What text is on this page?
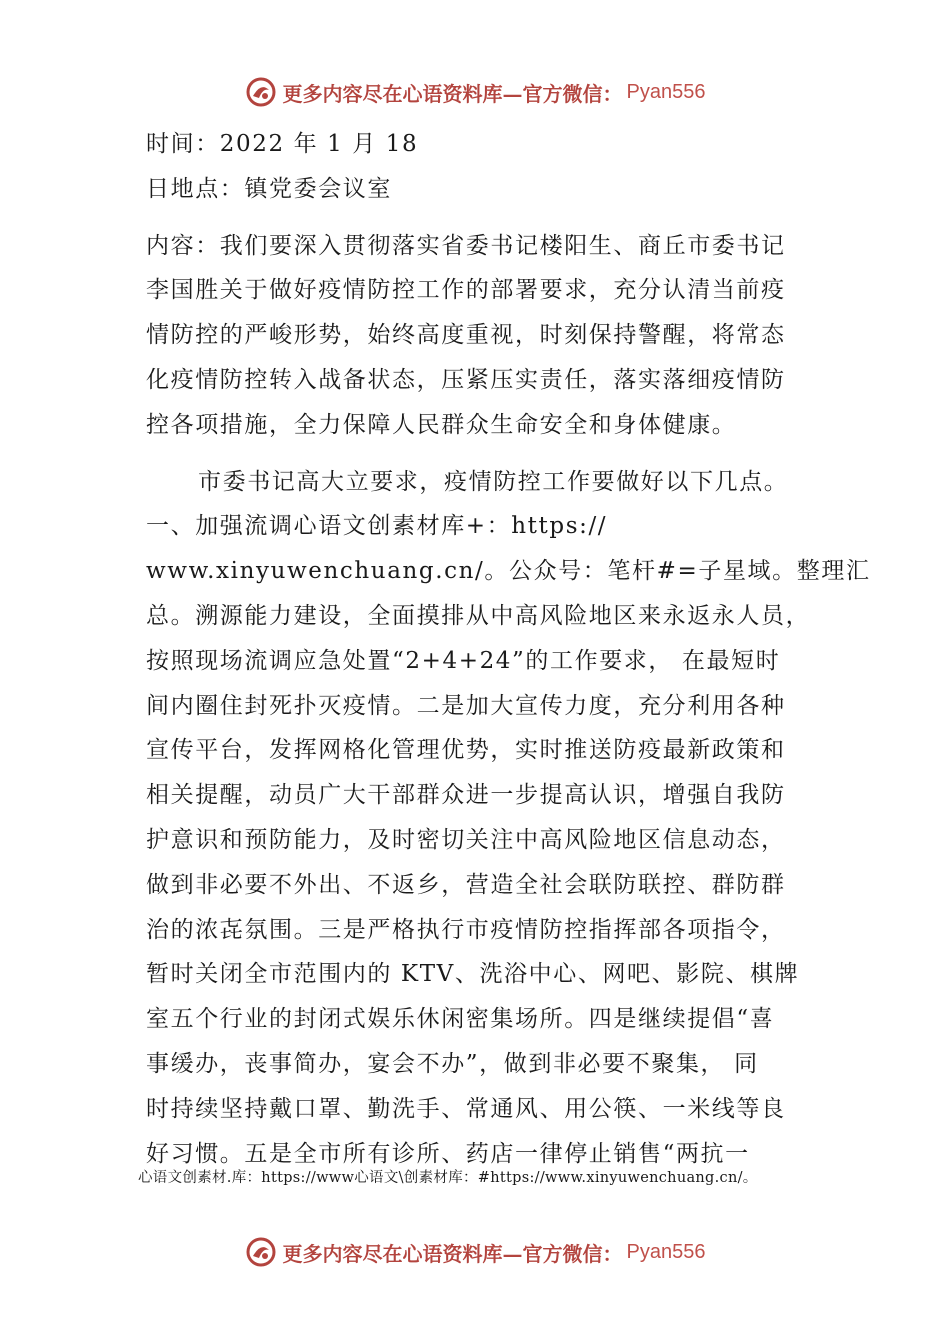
更多内容尽在心语资料库—官方微信： Pyan556
时间：2022 年 1 月 18
日地点：镇党委会议室
内容：我们要深入贯彻落实省委书记楼阳生、商丘市委书记
李国胜关于做好疫情防控工作的部署要求，充分认清当前疫
情防控的严峻形势，始终高度重视，时刻保持警醒，将常态
化疫情防控转入战备状态，压紧压实责任，落实落细疫情防
控各项措施，全力保障人民群众生命安全和身体健康。
市委书记高大立要求，疫情防控工作要做好以下几点。
一、加强流调心语文创素材库+：https://
www.xinyuwenchuang.cn/。公众号：笔杆#=子星域。整理汇
总。溯源能力建设，全面摸排从中高风险地区来永返永人员，
按照现场流调应急处置“2+4+24”的工作要求， 在最短时
间内圈住封死扑灭疫情。二是加大宣传力度，充分利用各种
宣传平台，发挥网格化管理优势，实时推送防疫最新政策和
相关提醒，动员广大干部群众进一步提高认识，增强自我防
护意识和预防能力，及时密切关注中高风险地区信息动态，
做到非必要不外出、不返乡，营造全社会联防联控、群防群
治的浓㐂氛围。三是严格执行市疫情防控指挥部各项指令，
暂时关闭全市范围内的 KTV、洗浴中心、网吧、影院、棋牌
室五个行业的封闭式娱乐休闲密集场所。四是继续提倡“喜
事缓办，丧事简办，宴会不办”，做到非必要不聚集， 同
时持续坚持戴口罩、勤洗手、常通风、用公筷、一米线等良
好习惯。五是全市所有诊所、药店一律停止销售“两抗一
心语文创素材.库：https://www心语文\创素材库：#https://www.xinyuwenchuang.cn/。
更多内容尽在心语资料库—官方微信： Pyan556
